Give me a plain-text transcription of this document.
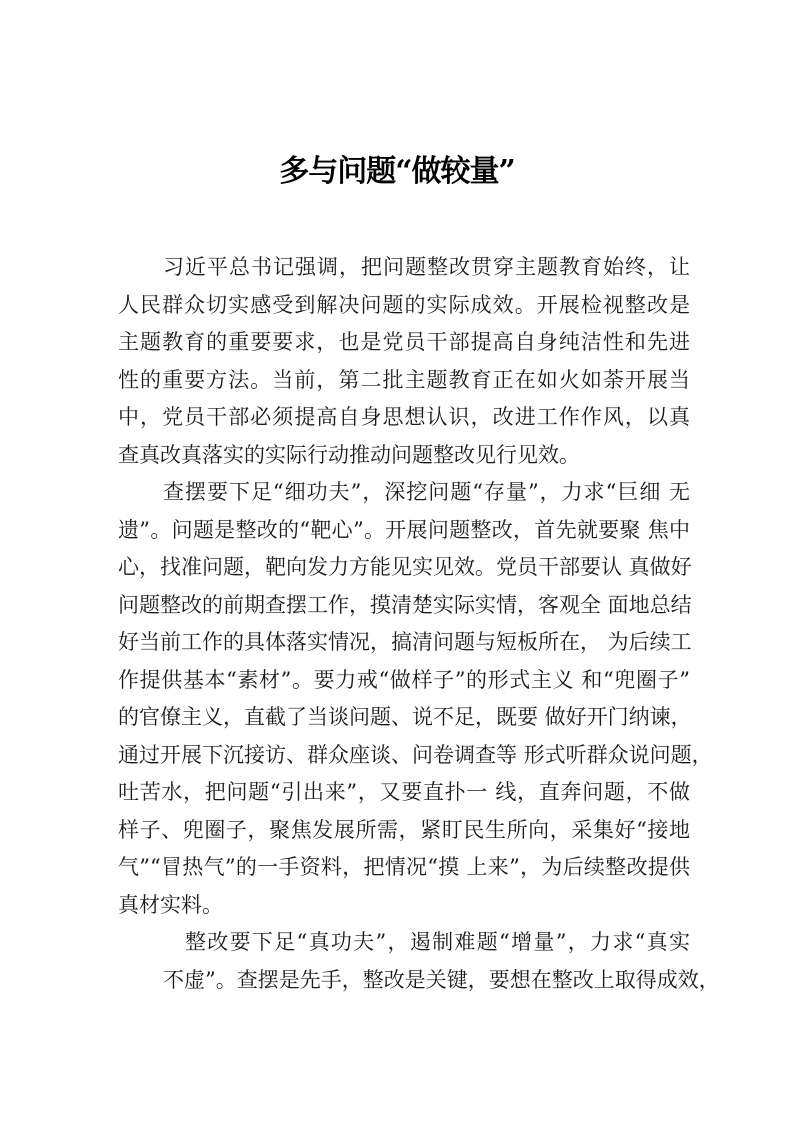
多与问题“做较量”
习近平总书记强调，把问题整改贯穿主题教育始终，让
人民群众切实感受到解决问题的实际成效。开展检视整改是
主题教育的重要要求，也是党员干部提高自身纯洁性和先进
性的重要方法。当前，第二批主题教育正在如火如荼开展当
中，党员干部必须提高自身思想认识，改进工作作风，以真
查真改真落实的实际行动推动问题整改见行见效。
查摆要下足“细功夫”，深挖问题“存量”，力求“巨细 无
遗”。问题是整改的“靶心”。开展问题整改，首先就要聚 焦中
心，找准问题，靶向发力方能见实见效。党员干部要认 真做好
问题整改的前期查摆工作，摸清楚实际实情，客观全 面地总结
好当前工作的具体落实情况，搞清问题与短板所在， 为后续工
作提供基本“素材”。要力戒“做样子”的形式主义 和“兜圈子”
的官僚主义，直截了当谈问题、说不足，既要 做好开门纳谏，
通过开展下沉接访、群众座谈、问卷调查等 形式听群众说问题，
吐苦水，把问题“引出来”，又要直扑一 线，直奔问题，不做
样子、兜圈子，聚焦发展所需，紧盯民生所向，采集好“接地
气”“冒热气”的一手资料，把情况“摸 上来”，为后续整改提供
真材实料。
整改要下足“真功夫”，遏制难题“增量”，力求“真实
不虚”。查摆是先手，整改是关键，要想在整改上取得成效，
